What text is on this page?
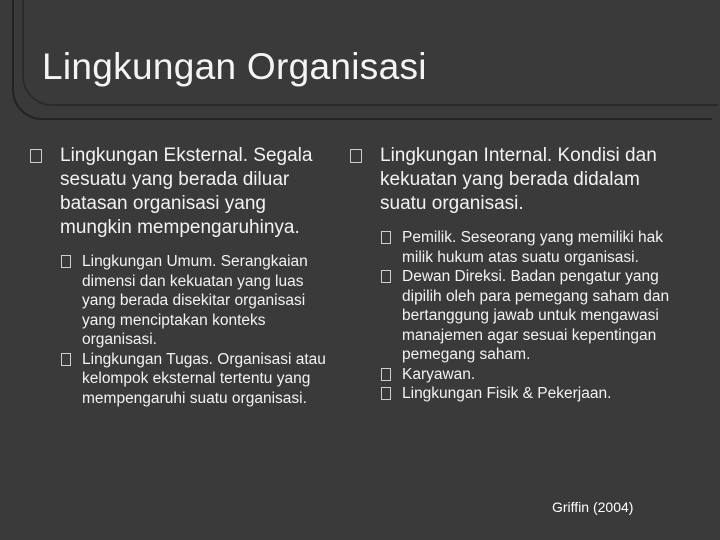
Lingkungan Organisasi

Lingkungan Eksternal. Segala sesuatu yang berada diluar batasan organisasi yang mungkin mempengaruhinya.

Lingkungan Umum. Serangkaian dimensi dan kekuatan yang luas yang berada disekitar organisasi yang menciptakan konteks organisasi.
Lingkungan Tugas. Organisasi atau kelompok eksternal tertentu yang mempengaruhi suatu organisasi.

Lingkungan Internal. Kondisi dan kekuatan yang berada didalam suatu organisasi.

Pemilik. Seseorang yang memiliki hak milik hukum atas suatu organisasi.
Dewan Direksi. Badan pengatur yang dipilih oleh para pemegang saham dan bertanggung jawab untuk mengawasi manajemen agar sesuai kepentingan pemegang saham.
Karyawan.
Lingkungan Fisik & Pekerjaan.
Griffin (2004)
